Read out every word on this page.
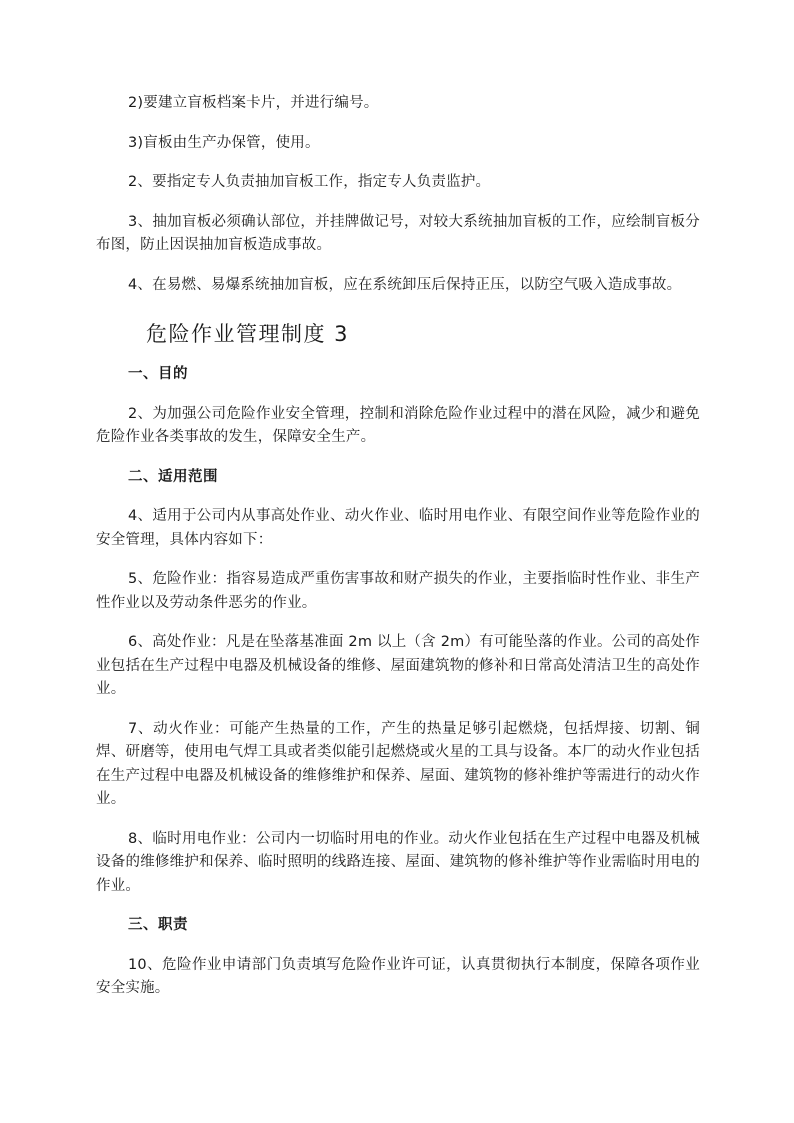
2)要建立盲板档案卡片，并进行编号。

3)盲板由生产办保管，使用。

2、要指定专人负责抽加盲板工作，指定专人负责监护。

3、抽加盲板必须确认部位，并挂牌做记号，对较大系统抽加盲板的工作，应绘制盲板分布图，防止因误抽加盲板造成事故。

4、在易燃、易爆系统抽加盲板，应在系统卸压后保持正压，以防空气吸入造成事故。

危险作业管理制度 3
一、目的

2、为加强公司危险作业安全管理，控制和消除危险作业过程中的潜在风险，减少和避免危险作业各类事故的发生，保障安全生产。

二、适用范围

4、适用于公司内从事高处作业、动火作业、临时用电作业、有限空间作业等危险作业的安全管理，具体内容如下：

5、危险作业：指容易造成严重伤害事故和财产损失的作业，主要指临时性作业、非生产性作业以及劳动条件恶劣的作业。

6、高处作业：凡是在坠落基准面 2m 以上（含 2m）有可能坠落的作业。公司的高处作业包括在生产过程中电器及机械设备的维修、屋面建筑物的修补和日常高处清洁卫生的高处作业。

7、动火作业：可能产生热量的工作，产生的热量足够引起燃烧，包括焊接、切割、铜焊、研磨等，使用电气焊工具或者类似能引起燃烧或火星的工具与设备。本厂的动火作业包括在生产过程中电器及机械设备的维修维护和保养、屋面、建筑物的修补维护等需进行的动火作业。

8、临时用电作业：公司内一切临时用电的作业。动火作业包括在生产过程中电器及机械设备的维修维护和保养、临时照明的线路连接、屋面、建筑物的修补维护等作业需临时用电的作业。

三、职责

10、危险作业申请部门负责填写危险作业许可证，认真贯彻执行本制度，保障各项作业安全实施。
